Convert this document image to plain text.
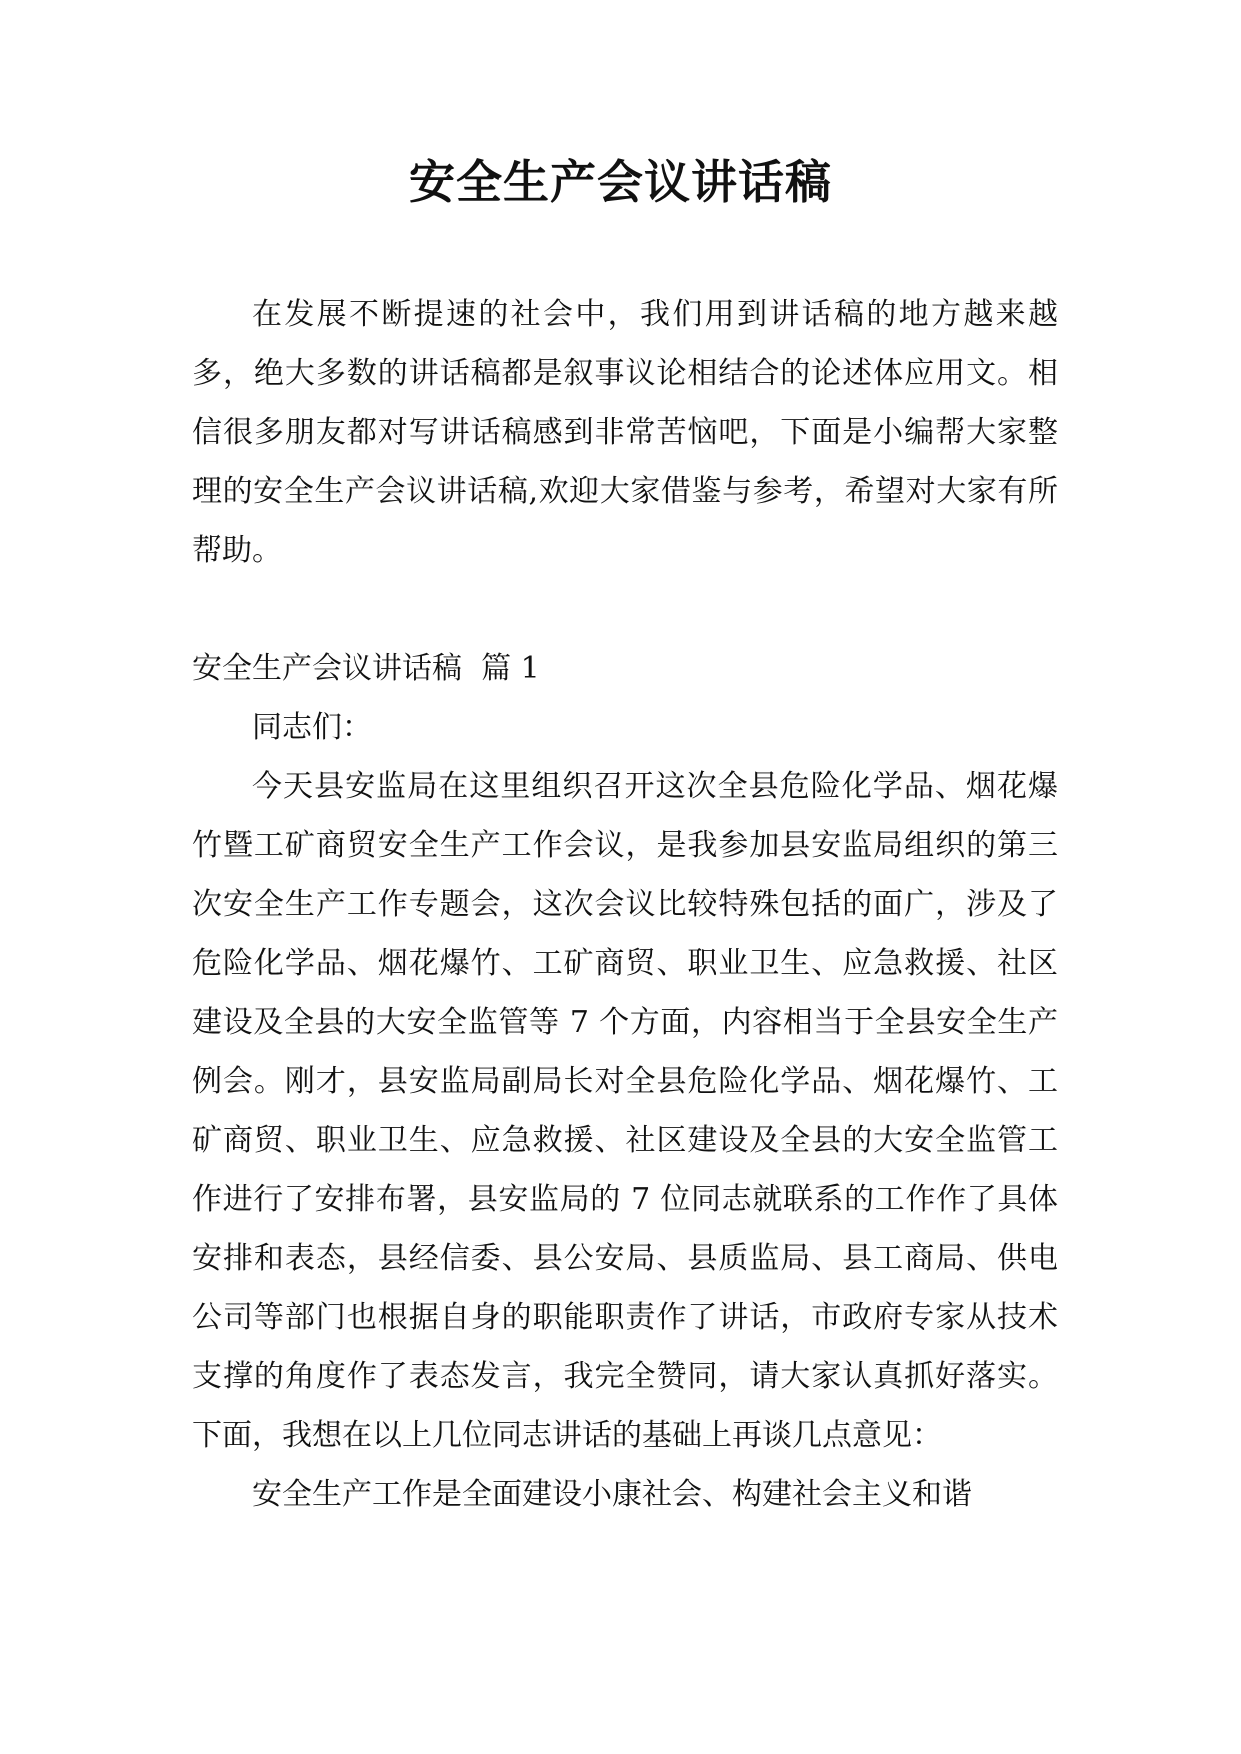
安全生产会议讲话稿

在发展不断提速的社会中，我们用到讲话稿的地方越来越多，绝大多数的讲话稿都是叙事议论相结合的论述体应用文。相信很多朋友都对写讲话稿感到非常苦恼吧，下面是小编帮大家整理的安全生产会议讲话稿,欢迎大家借鉴与参考，希望对大家有所帮助。

安全生产会议讲话稿  篇 1

同志们：

今天县安监局在这里组织召开这次全县危险化学品、烟花爆竹暨工矿商贸安全生产工作会议，是我参加县安监局组织的第三次安全生产工作专题会，这次会议比较特殊包括的面广，涉及了危险化学品、烟花爆竹、工矿商贸、职业卫生、应急救援、社区建设及全县的大安全监管等 7 个方面，内容相当于全县安全生产例会。刚才，县安监局副局长对全县危险化学品、烟花爆竹、工矿商贸、职业卫生、应急救援、社区建设及全县的大安全监管工作进行了安排布署，县安监局的 7 位同志就联系的工作作了具体安排和表态，县经信委、县公安局、县质监局、县工商局、供电公司等部门也根据自身的职能职责作了讲话，市政府专家从技术支撑的角度作了表态发言，我完全赞同，请大家认真抓好落实。下面，我想在以上几位同志讲话的基础上再谈几点意见：

安全生产工作是全面建设小康社会、构建社会主义和谐
